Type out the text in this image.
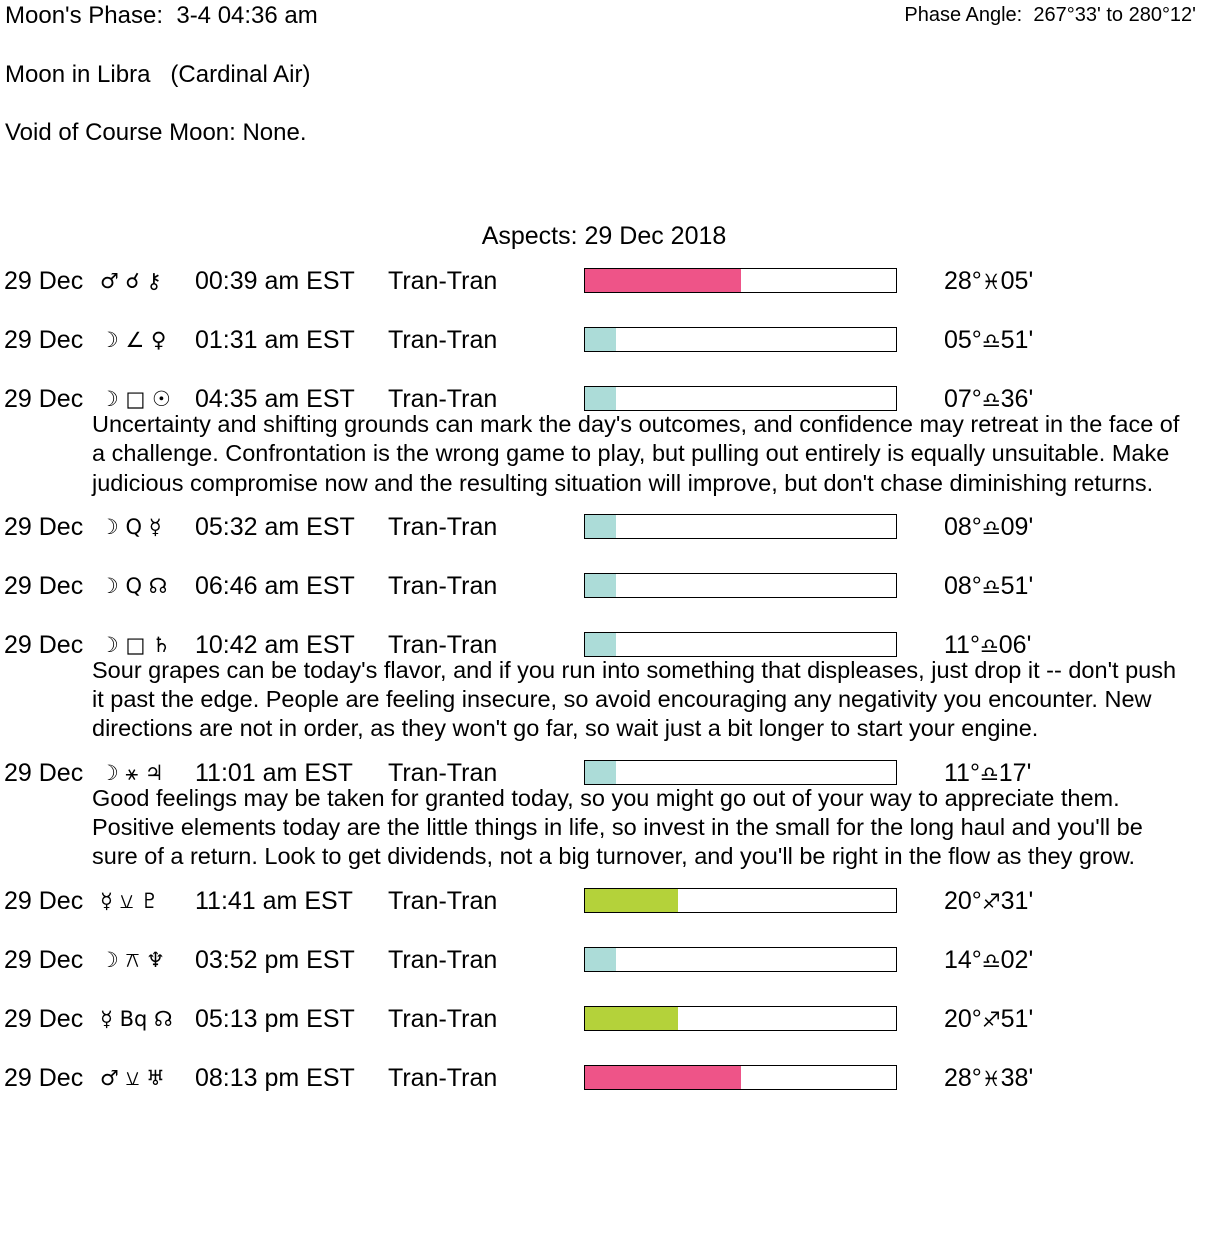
Moon's Phase:  3-4 04:36 am	Phase Angle:  267°33' to 280°12'
Moon in Libra   (Cardinal Air)
Void of Course Moon: None.
Aspects: 29 Dec 2018
29 Dec ♂ ☌ ⚷ 00:39 am EST Tran-Tran	28°♓05'
29 Dec ☽ ∠ ♀ 01:31 am EST Tran-Tran	05°♎51'
29 Dec ☽ □ ☉ 04:35 am EST Tran-Tran	07°♎36'
Uncertainty and shifting grounds can mark the day's outcomes, and confidence may retreat in the face of a challenge. Confrontation is the wrong game to play, but pulling out entirely is equally unsuitable. Make judicious compromise now and the resulting situation will improve, but don't chase diminishing returns.
29 Dec ☽ Q ☿ 05:32 am EST Tran-Tran	08°♎09'
29 Dec ☽ Q ☊ 06:46 am EST Tran-Tran	08°♎51'
29 Dec ☽ □ ♄ 10:42 am EST Tran-Tran	11°♎06'
Sour grapes can be today's flavor, and if you run into something that displeases, just drop it -- don't push it past the edge. People are feeling insecure, so avoid encouraging any negativity you encounter. New directions are not in order, as they won't go far, so wait just a bit longer to start your engine.
29 Dec ☽ ⚹ ♃ 11:01 am EST Tran-Tran	11°♎17'
Good feelings may be taken for granted today, so you might go out of your way to appreciate them. Positive elements today are the little things in life, so invest in the small for the long haul and you'll be sure of a return. Look to get dividends, not a big turnover, and you'll be right in the flow as they grow.
29 Dec ☿ ⚺ ♇ 11:41 am EST Tran-Tran	20°♐31'
29 Dec ☽ ⚻ ♆ 03:52 pm EST Tran-Tran	14°♎02'
29 Dec ☿ Bq ☊ 05:13 pm EST Tran-Tran	20°♐51'
29 Dec ♂ ⚺ ♅ 08:13 pm EST Tran-Tran	28°♓38'
